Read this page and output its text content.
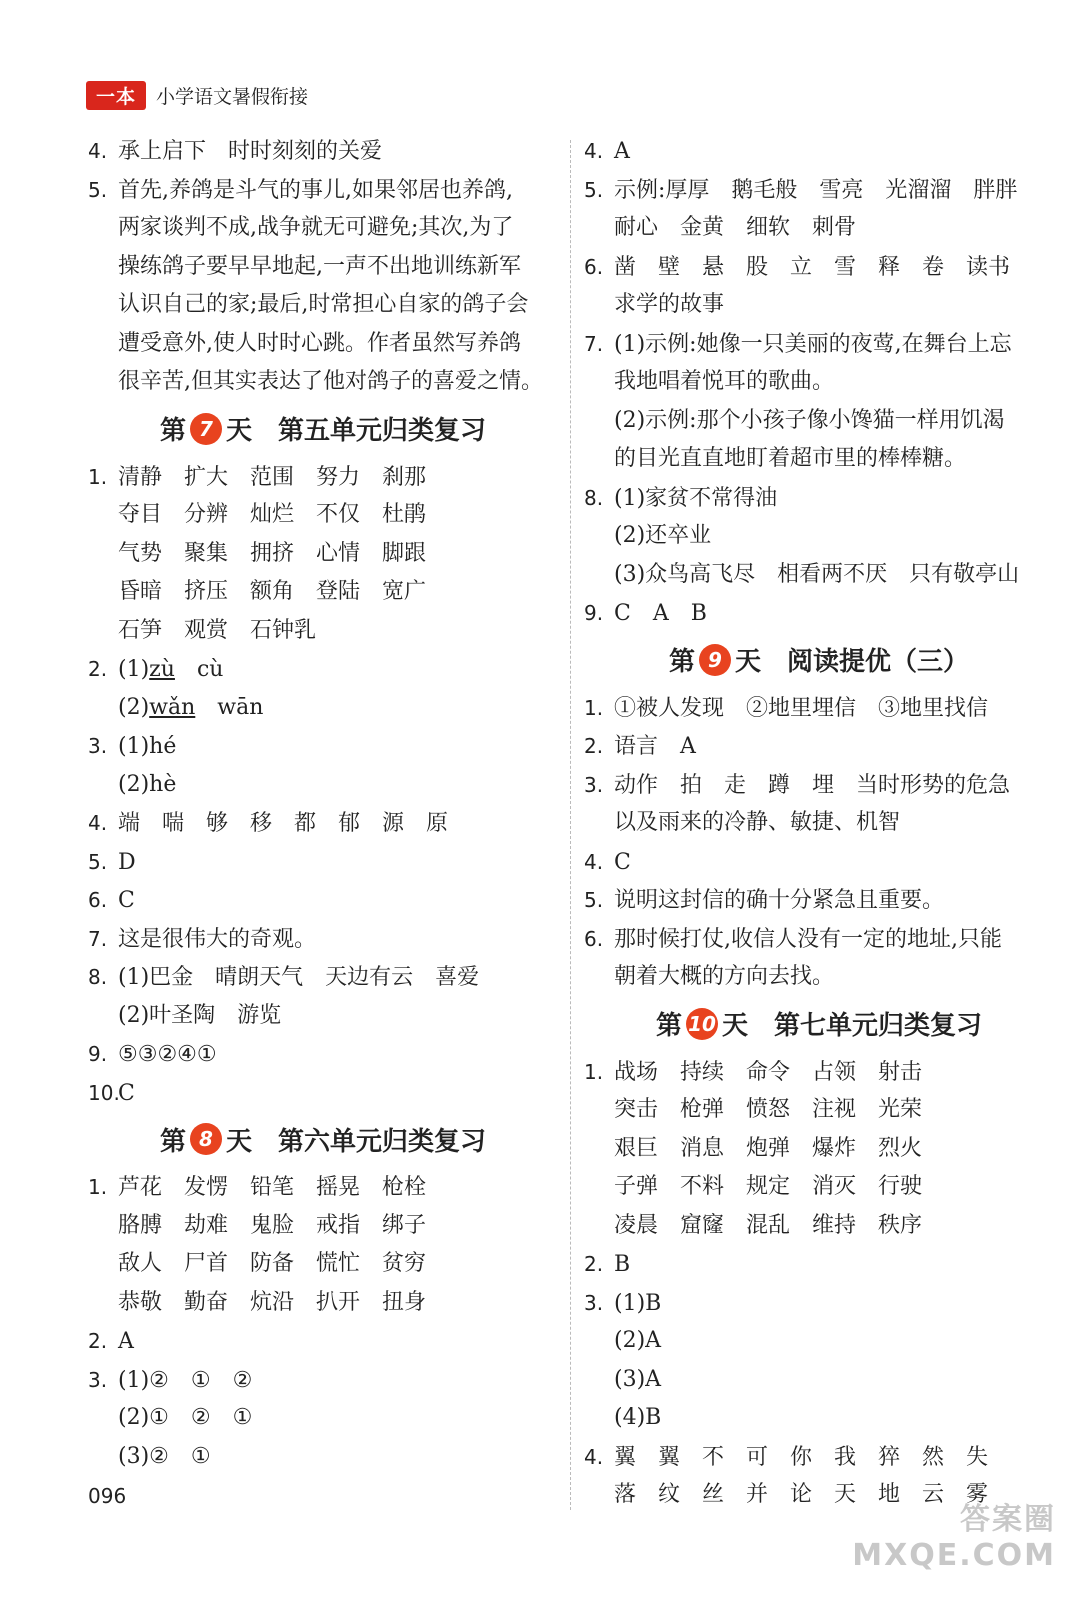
一本	小学语文暑假衔接
4. 承上启下　时时刻刻的关爱
5. 首先,养鸽是斗气的事儿,如果邻居也养鸽,
两家谈判不成,战争就无可避免;其次,为了
操练鸽子要早早地起,一声不出地训练新军
认识自己的家;最后,时常担心自家的鸽子会
遭受意外,使人时时心跳。作者虽然写养鸽
很辛苦,但其实表达了他对鸽子的喜爱之情。
第 7 天 第五单元归类复习
1. 清静　扩大　范围　努力　刹那
夺目　分辨　灿烂　不仅　杜鹃
气势　聚集　拥挤　心情　脚跟
昏暗　挤压　额角　登陆　宽广
石笋　观赏　石钟乳
2. (1)zù　cù
(2)wǎn　wān
3. (1)hé
(2)hè
4. 端　喘　够　移　都　郁　源　原
5. D
6. C
7. 这是很伟大的奇观。
8. (1)巴金　晴朗天气　天边有云　喜爱
(2)叶圣陶　游览
9. ⑤③②④①
10.C
第 8 天 第六单元归类复习
1. 芦花　发愣　铅笔　摇晃　枪栓
胳膊　劫难　鬼脸　戒指　绑子
敌人　尸首　防备　慌忙　贫穷
恭敬　勤奋　炕沿　扒开　扭身
2. A
3. (1)②　①　②
(2)①　②　①
(3)②　①
4. A
5. 示例:厚厚　鹅毛般　雪亮　光溜溜　胖胖
耐心　金黄　细软　刺骨
6. 凿　壁　悬　股　立　雪　释　卷　读书
求学的故事
7. (1)示例:她像一只美丽的夜莺,在舞台上忘
我地唱着悦耳的歌曲。
(2)示例:那个小孩子像小馋猫一样用饥渴
的目光直直地盯着超市里的棒棒糖。
8. (1)家贫不常得油
(2)还卒业
(3)众鸟高飞尽　相看两不厌　只有敬亭山
9. C　A　B
第 9 天 阅读提优（三）
1. ①被人发现　②地里埋信　③地里找信
2. 语言　A
3. 动作　拍　走　蹲　埋　当时形势的危急
以及雨来的冷静、敏捷、机智
4. C
5. 说明这封信的确十分紧急且重要。
6. 那时候打仗,收信人没有一定的地址,只能
朝着大概的方向去找。
第 10 天 第七单元归类复习
1. 战场　持续　命令　占领　射击
突击　枪弹　愤怒　注视　光荣
艰巨　消息　炮弹　爆炸　烈火
子弹　不料　规定　消灭　行驶
凌晨　窟窿　混乱　维持　秩序
2. B
3. (1)B
(2)A
(3)A
(4)B
4. 翼　翼　不　可　你　我　猝　然　失
落　纹　丝　并　论　天　地　云　雾
096
答案圈
MXQE.COM
